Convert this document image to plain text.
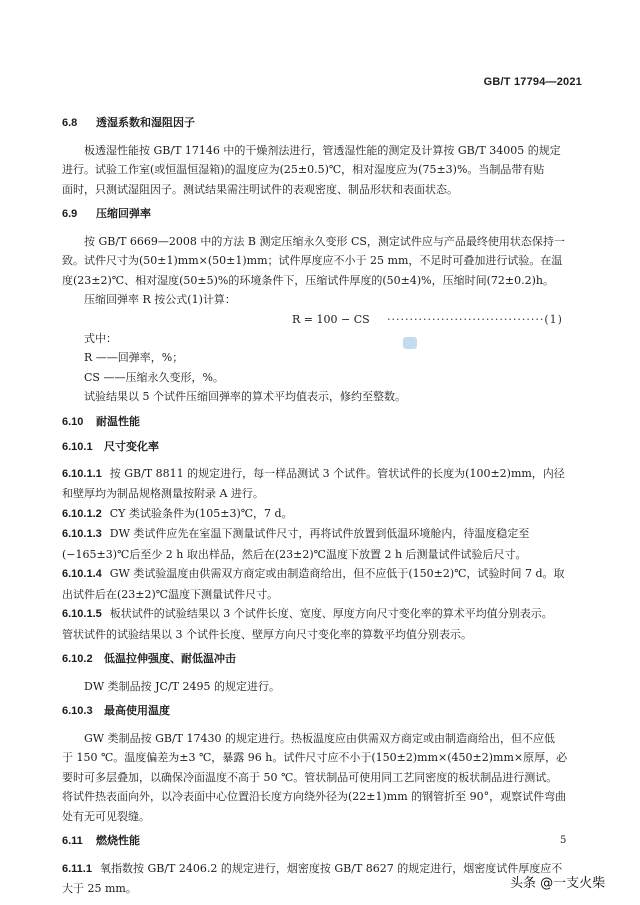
GB/T 17794—2021

6.8 透湿系数和湿阻因子

板透湿性能按 GB/T 17146 中的干燥剂法进行，管透湿性能的测定及计算按 GB/T 34005 的规定

进行。试验工作室(或恒温恒湿箱)的温度应为(25±0.5)℃，相对湿度应为(75±3)%。当制品带有贴

面时，只测试湿阻因子。测试结果需注明试件的表观密度、制品形状和表面状态。

6.9 压缩回弹率

按 GB/T 6669—2008 中的方法 B 测定压缩永久变形 CS，测定试件应与产品最终使用状态保持一

致。试件尺寸为(50±1)mm×(50±1)mm；试件厚度应不小于 25 mm，不足时可叠加进行试验。在温

度(23±2)℃、相对湿度(50±5)%的环境条件下，压缩试件厚度的(50±4)%，压缩时间(72±0.2)h。

压缩回弹率 R 按公式(1)计算：

R = 100 − CS ···································(1)

式中：

R ——回弹率，%；

CS ——压缩永久变形，%。

试验结果以 5 个试件压缩回弹率的算术平均值表示，修约至整数。

6.10 耐温性能

6.10.1 尺寸变化率

6.10.1.1 按 GB/T 8811 的规定进行，每一样品测试 3 个试件。管状试件的长度为(100±2)mm，内径

和壁厚均为制品规格测量按附录 A 进行。

6.10.1.2 CY 类试验条件为(105±3)℃，7 d。

6.10.1.3 DW 类试件应先在室温下测量试件尺寸，再将试件放置到低温环境舱内，待温度稳定至

(−165±3)℃后至少 2 h 取出样品，然后在(23±2)℃温度下放置 2 h 后测量试件试验后尺寸。

6.10.1.4 GW 类试验温度由供需双方商定或由制造商给出，但不应低于(150±2)℃，试验时间 7 d。取

出试件后在(23±2)℃温度下测量试件尺寸。

6.10.1.5 板状试件的试验结果以 3 个试件长度、宽度、厚度方向尺寸变化率的算术平均值分别表示。

管状试件的试验结果以 3 个试件长度、壁厚方向尺寸变化率的算数平均值分别表示。

6.10.2 低温拉伸强度、耐低温冲击

DW 类制品按 JC/T 2495 的规定进行。

6.10.3 最高使用温度

GW 类制品按 GB/T 17430 的规定进行。热板温度应由供需双方商定或由制造商给出，但不应低

于 150 ℃。温度偏差为±3 ℃，暴露 96 h。试件尺寸应不小于(150±2)mm×(450±2)mm×原厚，必

要时可多层叠加，以确保冷面温度不高于 50 ℃。管状制品可使用同工艺同密度的板状制品进行测试。

将试件热表面向外，以冷表面中心位置沿长度方向绕外径为(22±1)mm 的钢管折至 90°，观察试件弯曲

处有无可见裂缝。

6.11 燃烧性能

6.11.1 氧指数按 GB/T 2406.2 的规定进行，烟密度按 GB/T 8627 的规定进行，烟密度试件厚度应不

大于 25 mm。

5
头条 @一支火柴
